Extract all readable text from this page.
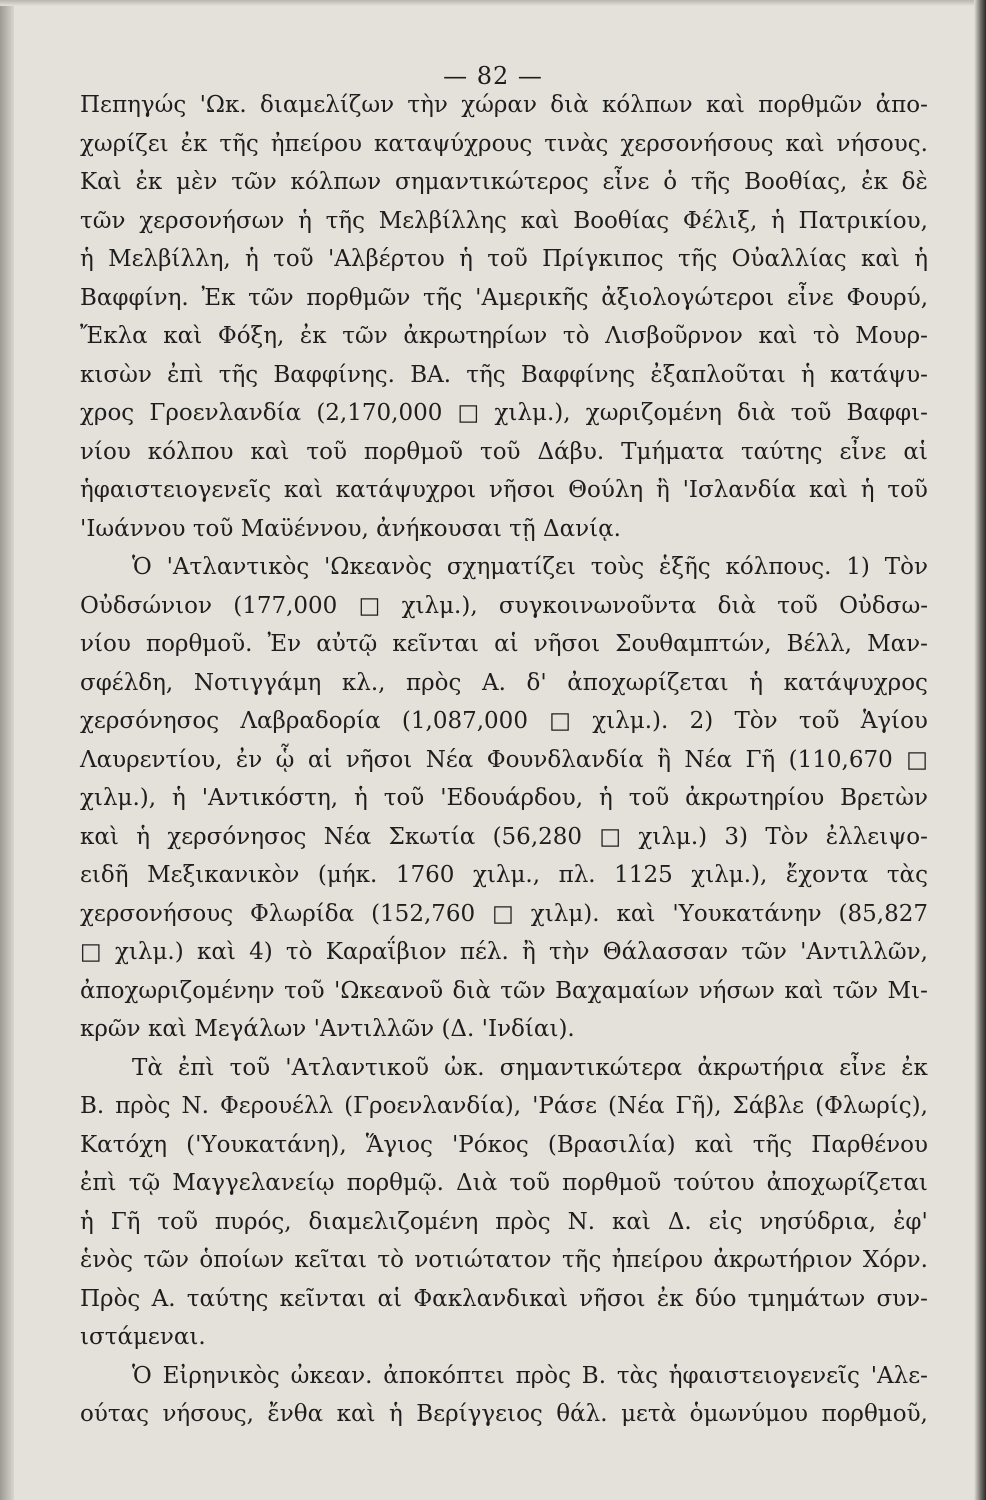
— 82 —
Πεπηγώς 'Ωκ. διαμελίζων τὴν χώραν διὰ κόλπων καὶ πορθμῶν ἀπο-
χωρίζει ἐκ τῆς ἠπείρου καταψύχρους τινὰς χερσονήσους καὶ νήσους.
Καὶ ἐκ μὲν τῶν κόλπων σημαντικώτερος εἶνε ὁ τῆς Βοοθίας, ἐκ δὲ
τῶν χερσονήσων ἡ τῆς Μελβίλλης καὶ Βοοθίας Φέλιξ, ἡ Πατρικίου,
ἡ Μελβίλλη, ἡ τοῦ 'Αλβέρτου ἡ τοῦ Πρίγκιπος τῆς Οὐαλλίας καὶ ἡ
Βαφφίνη. Ἐκ τῶν πορθμῶν τῆς 'Αμερικῆς ἀξιολογώτεροι εἶνε Φουρύ,
Ἔκλα καὶ Φόξη, ἐκ τῶν ἀκρωτηρίων τὸ Λισβοῦρνον καὶ τὸ Μουρ-
κισὼν ἐπὶ τῆς Βαφφίνης. ΒΑ. τῆς Βαφφίνης ἐξαπλοῦται ἡ κατάψυ-
χρος Γροενλανδία (2,170,000 □ χιλμ.), χωριζομένη διὰ τοῦ Βαφφι-
νίου κόλπου καὶ τοῦ πορθμοῦ τοῦ Δάβυ. Τμήματα ταύτης εἶνε αἱ
ἡφαιστειογενεῖς καὶ κατάψυχροι νῆσοι Θούλη ἢ 'Ισλανδία καὶ ἡ τοῦ
'Ιωάννου τοῦ Μαϋέννου, ἀνήκουσαι τῇ Δανίᾳ.
Ὁ 'Ατλαντικὸς 'Ωκεανὸς σχηματίζει τοὺς ἑξῆς κόλπους. 1) Τὸν
Οὐδσώνιον (177,000 □ χιλμ.), συγκοινωνοῦντα διὰ τοῦ Οὐδσω-
νίου πορθμοῦ. Ἐν αὐτῷ κεῖνται αἱ νῆσοι Σουθαμπτών, Βέλλ, Μαν-
σφέλδη, Νοτιγγάμη κλ., πρὸς Α. δ' ἀποχωρίζεται ἡ κατάψυχρος
χερσόνησος Λαβραδορία (1,087,000 □ χιλμ.). 2) Τὸν τοῦ Ἁγίου
Λαυρεντίου, ἐν ᾧ αἱ νῆσοι Νέα Φουνδλανδία ἢ Νέα Γῆ (110,670 □
χιλμ.), ἡ 'Αντικόστη, ἡ τοῦ 'Εδουάρδου, ἡ τοῦ ἀκρωτηρίου Βρετὼν
καὶ ἡ χερσόνησος Νέα Σκωτία (56,280 □ χιλμ.) 3) Τὸν ἐλλειψο-
ειδῆ Μεξικανικὸν (μήκ. 1760 χιλμ., πλ. 1125 χιλμ.), ἔχοντα τὰς
χερσονήσους Φλωρίδα (152,760 □ χιλμ). καὶ 'Υουκατάνην (85,827
□ χιλμ.) καὶ 4) τὸ Καραΐβιον πέλ. ἢ τὴν Θάλασσαν τῶν 'Αντιλλῶν,
ἀποχωριζομένην τοῦ 'Ωκεανοῦ διὰ τῶν Βαχαμαίων νήσων καὶ τῶν Μι-
κρῶν καὶ Μεγάλων 'Αντιλλῶν (Δ. 'Ινδίαι).
Τὰ ἐπὶ τοῦ 'Ατλαντικοῦ ὠκ. σημαντικώτερα ἀκρωτήρια εἶνε ἐκ
Β. πρὸς Ν. Φερουέλλ (Γροενλανδία), 'Ράσε (Νέα Γῆ), Σάβλε (Φλωρίς),
Κατόχη ('Υουκατάνη), Ἅγιος 'Ρόκος (Βρασιλία) καὶ τῆς Παρθένου
ἐπὶ τῷ Μαγγελανείῳ πορθμῷ. Διὰ τοῦ πορθμοῦ τούτου ἀποχωρίζεται
ἡ Γῆ τοῦ πυρός, διαμελιζομένη πρὸς Ν. καὶ Δ. εἰς νησύδρια, ἐφ'
ἑνὸς τῶν ὁποίων κεῖται τὸ νοτιώτατον τῆς ἠπείρου ἀκρωτήριον Χόρν.
Πρὸς Α. ταύτης κεῖνται αἱ Φακλανδικαὶ νῆσοι ἐκ δύο τμημάτων συν-
ιστάμεναι.
Ὁ Εἰρηνικὸς ὠκεαν. ἀποκόπτει πρὸς Β. τὰς ἡφαιστειογενεῖς 'Αλε-
ούτας νήσους, ἔνθα καὶ ἡ Βερίγγειος θάλ. μετὰ ὁμωνύμου πορθμοῦ,
